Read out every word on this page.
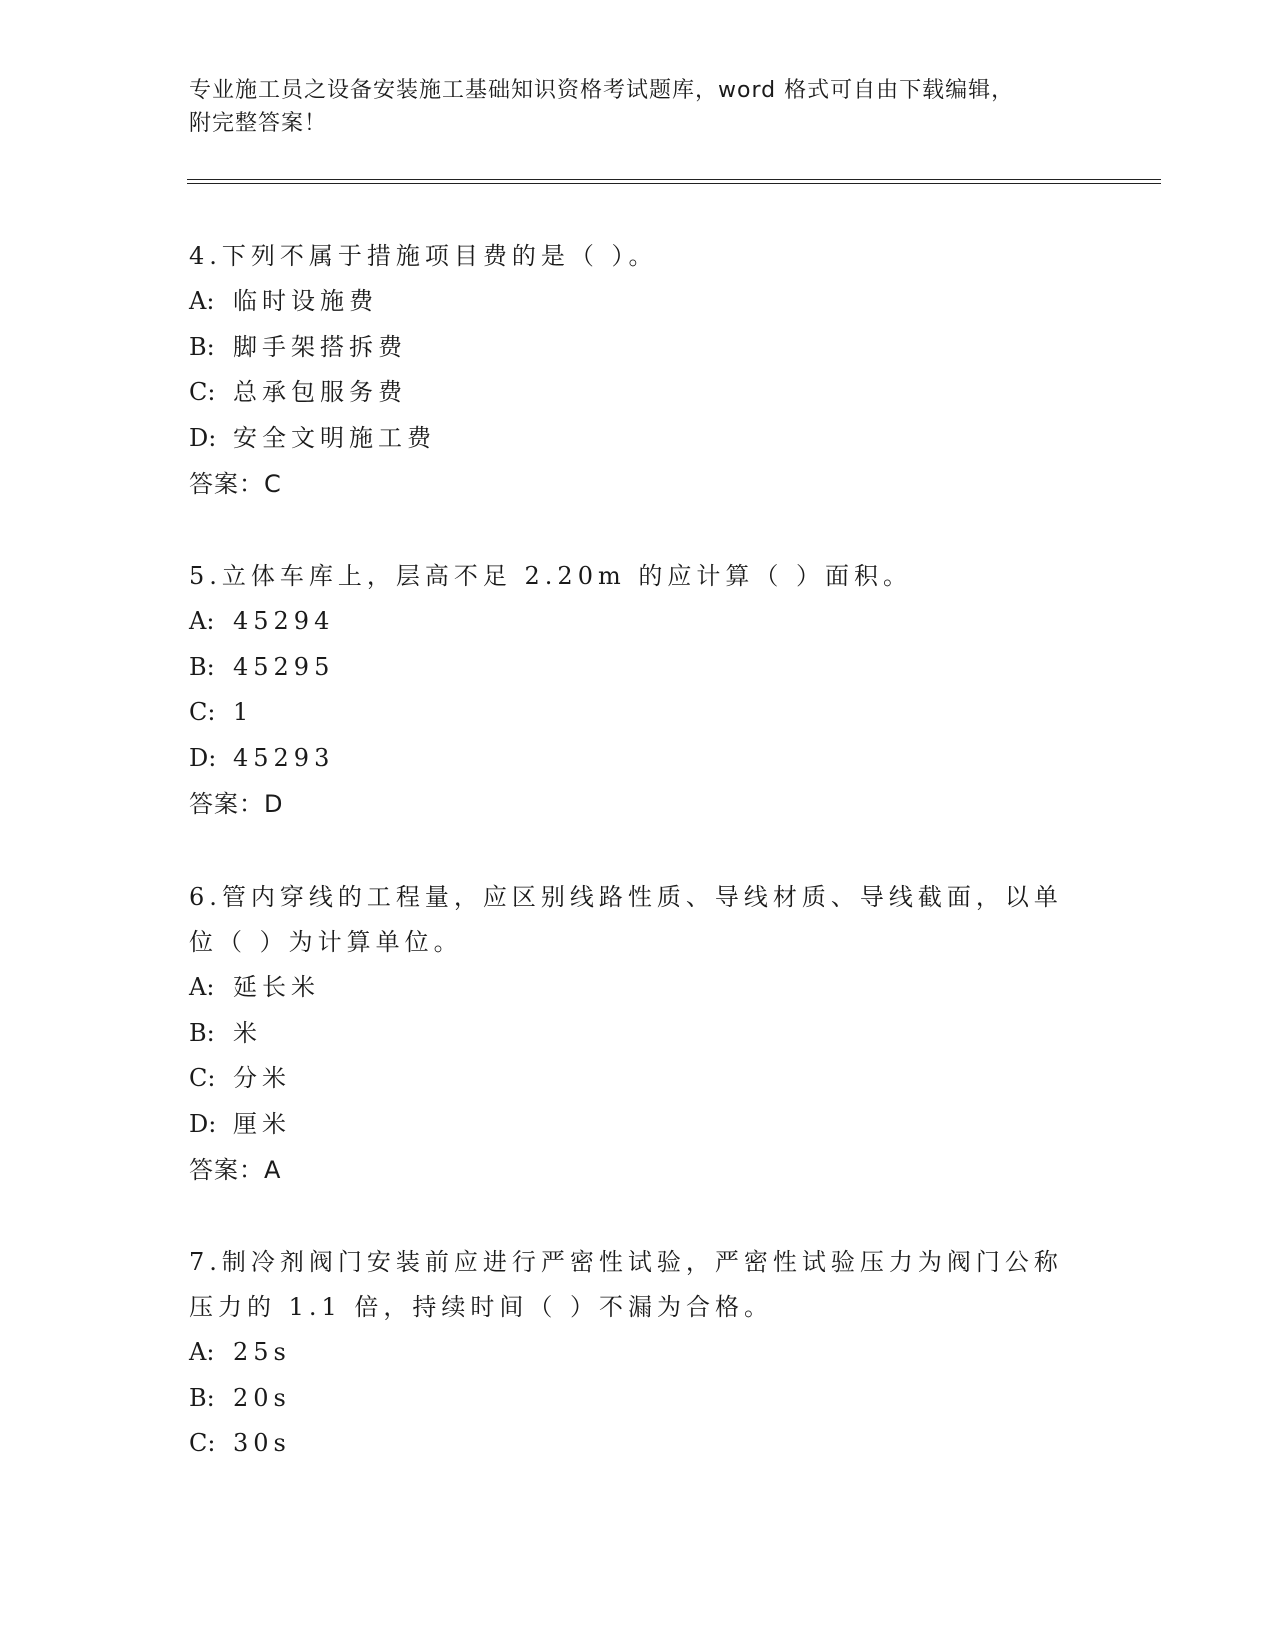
专业施工员之设备安装施工基础知识资格考试题库，word 格式可自由下载编辑，
附完整答案！
4.下列不属于措施项目费的是（ ）。
A: 临时设施费
B: 脚手架搭拆费
C: 总承包服务费
D: 安全文明施工费
答案：C
5.立体车库上，层高不足 2.20m 的应计算（ ）面积。
A: 45294
B: 45295
C: 1
D: 45293
答案：D
6.管内穿线的工程量，应区别线路性质、导线材质、导线截面，以单位（ ）为计算单位。
A: 延长米
B: 米
C: 分米
D: 厘米
答案：A
7.制冷剂阀门安装前应进行严密性试验，严密性试验压力为阀门公称压力的 1.1 倍，持续时间（ ）不漏为合格。
A: 25s
B: 20s
C: 30s
